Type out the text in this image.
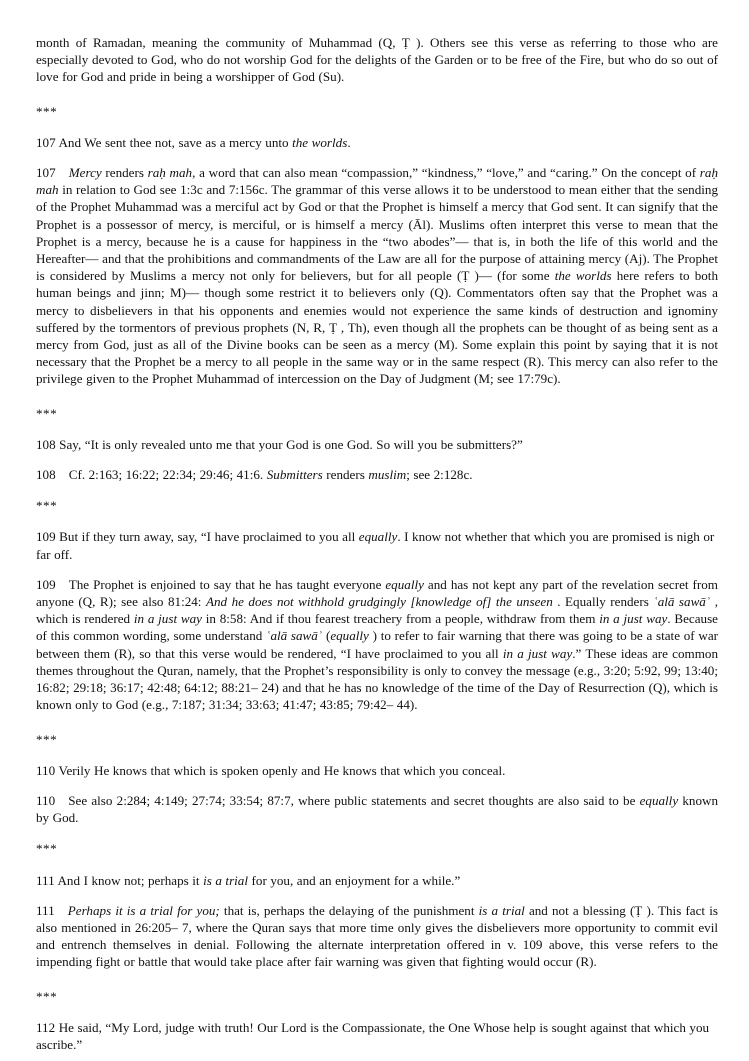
month of Ramadan, meaning the community of Muhammad (Q, Ṭ ). Others see this verse as referring to those who are especially devoted to God, who do not worship God for the delights of the Garden or to be free of the Fire, but who do so out of love for God and pride in being a worshipper of God (Su).

***

107 And We sent thee not, save as a mercy unto the worlds.

107 Mercy renders raḥ mah, a word that can also mean “compassion,” “kindness,” “love,” and “caring.” On the concept of raḥ mah in relation to God see 1:3c and 7:156c. The grammar of this verse allows it to be understood to mean either that the sending of the Prophet Muhammad was a merciful act by God or that the Prophet is himself a mercy that God sent. It can signify that the Prophet is a possessor of mercy, is merciful, or is himself a mercy (Āl). Muslims often interpret this verse to mean that the Prophet is a mercy, because he is a cause for happiness in the “two abodes”— that is, in both the life of this world and the Hereafter— and that the prohibitions and commandments of the Law are all for the purpose of attaining mercy (Aj). The Prophet is considered by Muslims a mercy not only for believers, but for all people (Ṭ )— (for some the worlds here refers to both human beings and jinn; M)— though some restrict it to believers only (Q). Commentators often say that the Prophet was a mercy to disbelievers in that his opponents and enemies would not experience the same kinds of destruction and ignominy suffered by the tormentors of previous prophets (N, R, Ṭ , Th), even though all the prophets can be thought of as being sent as a mercy from God, just as all of the Divine books can be seen as a mercy (M). Some explain this point by saying that it is not necessary that the Prophet be a mercy to all people in the same way or in the same respect (R). This mercy can also refer to the privilege given to the Prophet Muhammad of intercession on the Day of Judgment (M; see 17:79c).

***

108 Say, “It is only revealed unto me that your God is one God. So will you be submitters?”

108 Cf. 2:163; 16:22; 22:34; 29:46; 41:6. Submitters renders muslim; see 2:128c.

***

109 But if they turn away, say, “I have proclaimed to you all equally. I know not whether that which you are promised is nigh or far off.

109 The Prophet is enjoined to say that he has taught everyone equally and has not kept any part of the revelation secret from anyone (Q, R); see also 81:24: And he does not withhold grudgingly [knowledge of] the unseen . Equally renders ʿalā sawāʾ , which is rendered in a just way in 8:58: And if thou fearest treachery from a people, withdraw from them in a just way. Because of this common wording, some understand ʿalā sawāʾ (equally ) to refer to fair warning that there was going to be a state of war between them (R), so that this verse would be rendered, “I have proclaimed to you all in a just way.” These ideas are common themes throughout the Quran, namely, that the Prophet’s responsibility is only to convey the message (e.g., 3:20; 5:92, 99; 13:40; 16:82; 29:18; 36:17; 42:48; 64:12; 88:21– 24) and that he has no knowledge of the time of the Day of Resurrection (Q), which is known only to God (e.g., 7:187; 31:34; 33:63; 41:47; 43:85; 79:42– 44).

***

110 Verily He knows that which is spoken openly and He knows that which you conceal.

110 See also 2:284; 4:149; 27:74; 33:54; 87:7, where public statements and secret thoughts are also said to be equally known by God.

***

111 And I know not; perhaps it is a trial for you, and an enjoyment for a while.”

111 Perhaps it is a trial for you; that is, perhaps the delaying of the punishment is a trial and not a blessing (Ṭ ). This fact is also mentioned in 26:205– 7, where the Quran says that more time only gives the disbelievers more opportunity to commit evil and entrench themselves in denial. Following the alternate interpretation offered in v. 109 above, this verse refers to the impending fight or battle that would take place after fair warning was given that fighting would occur (R).

***

112 He said, “My Lord, judge with truth! Our Lord is the Compassionate, the One Whose help is sought against that which you ascribe.”
